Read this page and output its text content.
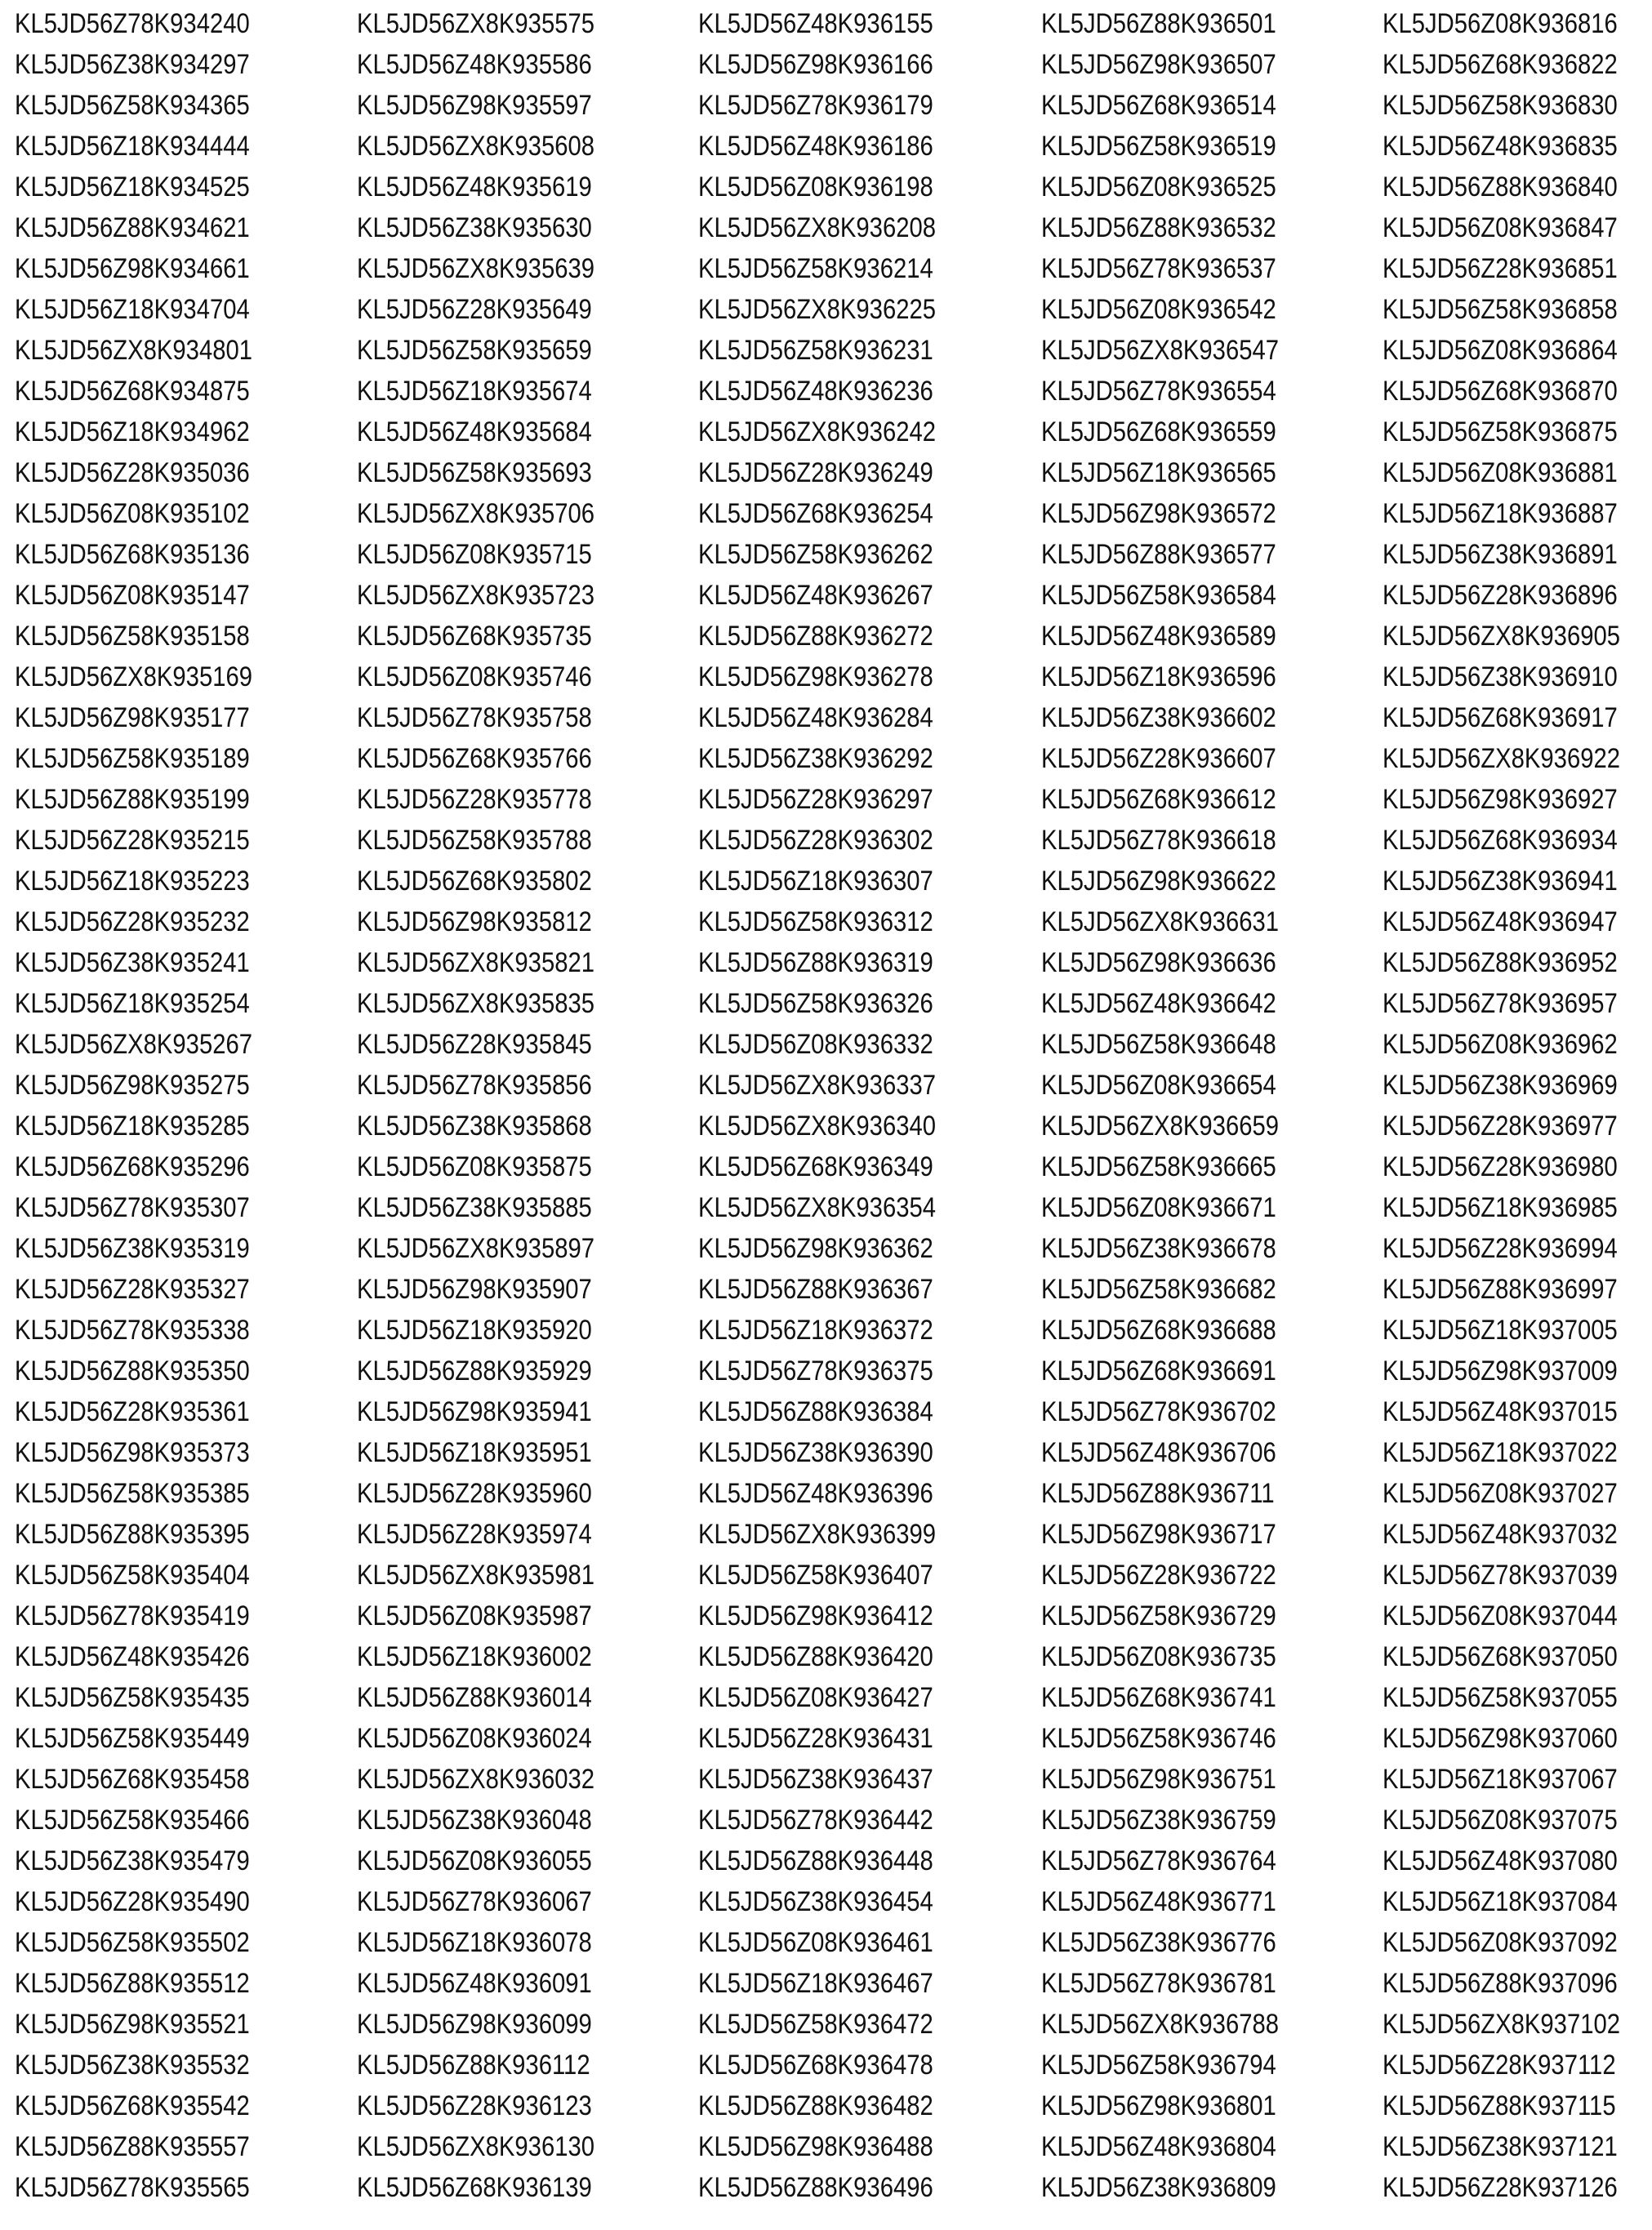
KL5JD56Z78K934240
KL5JD56Z38K934297
KL5JD56Z58K934365
KL5JD56Z18K934444
KL5JD56Z18K934525
KL5JD56Z88K934621
KL5JD56Z98K934661
KL5JD56Z18K934704
KL5JD56ZX8K934801
KL5JD56Z68K934875
KL5JD56Z18K934962
KL5JD56Z28K935036
KL5JD56Z08K935102
KL5JD56Z68K935136
KL5JD56Z08K935147
KL5JD56Z58K935158
KL5JD56ZX8K935169
KL5JD56Z98K935177
KL5JD56Z58K935189
KL5JD56Z88K935199
KL5JD56Z28K935215
KL5JD56Z18K935223
KL5JD56Z28K935232
KL5JD56Z38K935241
KL5JD56Z18K935254
KL5JD56ZX8K935267
KL5JD56Z98K935275
KL5JD56Z18K935285
KL5JD56Z68K935296
KL5JD56Z78K935307
KL5JD56Z38K935319
KL5JD56Z28K935327
KL5JD56Z78K935338
KL5JD56Z88K935350
KL5JD56Z28K935361
KL5JD56Z98K935373
KL5JD56Z58K935385
KL5JD56Z88K935395
KL5JD56Z58K935404
KL5JD56Z78K935419
KL5JD56Z48K935426
KL5JD56Z58K935435
KL5JD56Z58K935449
KL5JD56Z68K935458
KL5JD56Z58K935466
KL5JD56Z38K935479
KL5JD56Z28K935490
KL5JD56Z58K935502
KL5JD56Z88K935512
KL5JD56Z98K935521
KL5JD56Z38K935532
KL5JD56Z68K935542
KL5JD56Z88K935557
KL5JD56Z78K935565
KL5JD56ZX8K935575
KL5JD56Z48K935586
KL5JD56Z98K935597
KL5JD56ZX8K935608
KL5JD56Z48K935619
KL5JD56Z38K935630
KL5JD56ZX8K935639
KL5JD56Z28K935649
KL5JD56Z58K935659
KL5JD56Z18K935674
KL5JD56Z48K935684
KL5JD56Z58K935693
KL5JD56ZX8K935706
KL5JD56Z08K935715
KL5JD56ZX8K935723
KL5JD56Z68K935735
KL5JD56Z08K935746
KL5JD56Z78K935758
KL5JD56Z68K935766
KL5JD56Z28K935778
KL5JD56Z58K935788
KL5JD56Z68K935802
KL5JD56Z98K935812
KL5JD56ZX8K935821
KL5JD56ZX8K935835
KL5JD56Z28K935845
KL5JD56Z78K935856
KL5JD56Z38K935868
KL5JD56Z08K935875
KL5JD56Z38K935885
KL5JD56ZX8K935897
KL5JD56Z98K935907
KL5JD56Z18K935920
KL5JD56Z88K935929
KL5JD56Z98K935941
KL5JD56Z18K935951
KL5JD56Z28K935960
KL5JD56Z28K935974
KL5JD56ZX8K935981
KL5JD56Z08K935987
KL5JD56Z18K936002
KL5JD56Z88K936014
KL5JD56Z08K936024
KL5JD56ZX8K936032
KL5JD56Z38K936048
KL5JD56Z08K936055
KL5JD56Z78K936067
KL5JD56Z18K936078
KL5JD56Z48K936091
KL5JD56Z98K936099
KL5JD56Z88K936112
KL5JD56Z28K936123
KL5JD56ZX8K936130
KL5JD56Z68K936139
KL5JD56Z48K936155
KL5JD56Z98K936166
KL5JD56Z78K936179
KL5JD56Z48K936186
KL5JD56Z08K936198
KL5JD56ZX8K936208
KL5JD56Z58K936214
KL5JD56ZX8K936225
KL5JD56Z58K936231
KL5JD56Z48K936236
KL5JD56ZX8K936242
KL5JD56Z28K936249
KL5JD56Z68K936254
KL5JD56Z58K936262
KL5JD56Z48K936267
KL5JD56Z88K936272
KL5JD56Z98K936278
KL5JD56Z48K936284
KL5JD56Z38K936292
KL5JD56Z28K936297
KL5JD56Z28K936302
KL5JD56Z18K936307
KL5JD56Z58K936312
KL5JD56Z88K936319
KL5JD56Z58K936326
KL5JD56Z08K936332
KL5JD56ZX8K936337
KL5JD56ZX8K936340
KL5JD56Z68K936349
KL5JD56ZX8K936354
KL5JD56Z98K936362
KL5JD56Z88K936367
KL5JD56Z18K936372
KL5JD56Z78K936375
KL5JD56Z88K936384
KL5JD56Z38K936390
KL5JD56Z48K936396
KL5JD56ZX8K936399
KL5JD56Z58K936407
KL5JD56Z98K936412
KL5JD56Z88K936420
KL5JD56Z08K936427
KL5JD56Z28K936431
KL5JD56Z38K936437
KL5JD56Z78K936442
KL5JD56Z88K936448
KL5JD56Z38K936454
KL5JD56Z08K936461
KL5JD56Z18K936467
KL5JD56Z58K936472
KL5JD56Z68K936478
KL5JD56Z88K936482
KL5JD56Z98K936488
KL5JD56Z88K936496
KL5JD56Z88K936501
KL5JD56Z98K936507
KL5JD56Z68K936514
KL5JD56Z58K936519
KL5JD56Z08K936525
KL5JD56Z88K936532
KL5JD56Z78K936537
KL5JD56Z08K936542
KL5JD56ZX8K936547
KL5JD56Z78K936554
KL5JD56Z68K936559
KL5JD56Z18K936565
KL5JD56Z98K936572
KL5JD56Z88K936577
KL5JD56Z58K936584
KL5JD56Z48K936589
KL5JD56Z18K936596
KL5JD56Z38K936602
KL5JD56Z28K936607
KL5JD56Z68K936612
KL5JD56Z78K936618
KL5JD56Z98K936622
KL5JD56ZX8K936631
KL5JD56Z98K936636
KL5JD56Z48K936642
KL5JD56Z58K936648
KL5JD56Z08K936654
KL5JD56ZX8K936659
KL5JD56Z58K936665
KL5JD56Z08K936671
KL5JD56Z38K936678
KL5JD56Z58K936682
KL5JD56Z68K936688
KL5JD56Z68K936691
KL5JD56Z78K936702
KL5JD56Z48K936706
KL5JD56Z88K936711
KL5JD56Z98K936717
KL5JD56Z28K936722
KL5JD56Z58K936729
KL5JD56Z08K936735
KL5JD56Z68K936741
KL5JD56Z58K936746
KL5JD56Z98K936751
KL5JD56Z38K936759
KL5JD56Z78K936764
KL5JD56Z48K936771
KL5JD56Z38K936776
KL5JD56Z78K936781
KL5JD56ZX8K936788
KL5JD56Z58K936794
KL5JD56Z98K936801
KL5JD56Z48K936804
KL5JD56Z38K936809
KL5JD56Z08K936816
KL5JD56Z68K936822
KL5JD56Z58K936830
KL5JD56Z48K936835
KL5JD56Z88K936840
KL5JD56Z08K936847
KL5JD56Z28K936851
KL5JD56Z58K936858
KL5JD56Z08K936864
KL5JD56Z68K936870
KL5JD56Z58K936875
KL5JD56Z08K936881
KL5JD56Z18K936887
KL5JD56Z38K936891
KL5JD56Z28K936896
KL5JD56ZX8K936905
KL5JD56Z38K936910
KL5JD56Z68K936917
KL5JD56ZX8K936922
KL5JD56Z98K936927
KL5JD56Z68K936934
KL5JD56Z38K936941
KL5JD56Z48K936947
KL5JD56Z88K936952
KL5JD56Z78K936957
KL5JD56Z08K936962
KL5JD56Z38K936969
KL5JD56Z28K936977
KL5JD56Z28K936980
KL5JD56Z18K936985
KL5JD56Z28K936994
KL5JD56Z88K936997
KL5JD56Z18K937005
KL5JD56Z98K937009
KL5JD56Z48K937015
KL5JD56Z18K937022
KL5JD56Z08K937027
KL5JD56Z48K937032
KL5JD56Z78K937039
KL5JD56Z08K937044
KL5JD56Z68K937050
KL5JD56Z58K937055
KL5JD56Z98K937060
KL5JD56Z18K937067
KL5JD56Z08K937075
KL5JD56Z48K937080
KL5JD56Z18K937084
KL5JD56Z08K937092
KL5JD56Z88K937096
KL5JD56ZX8K937102
KL5JD56Z28K937112
KL5JD56Z88K937115
KL5JD56Z38K937121
KL5JD56Z28K937126
